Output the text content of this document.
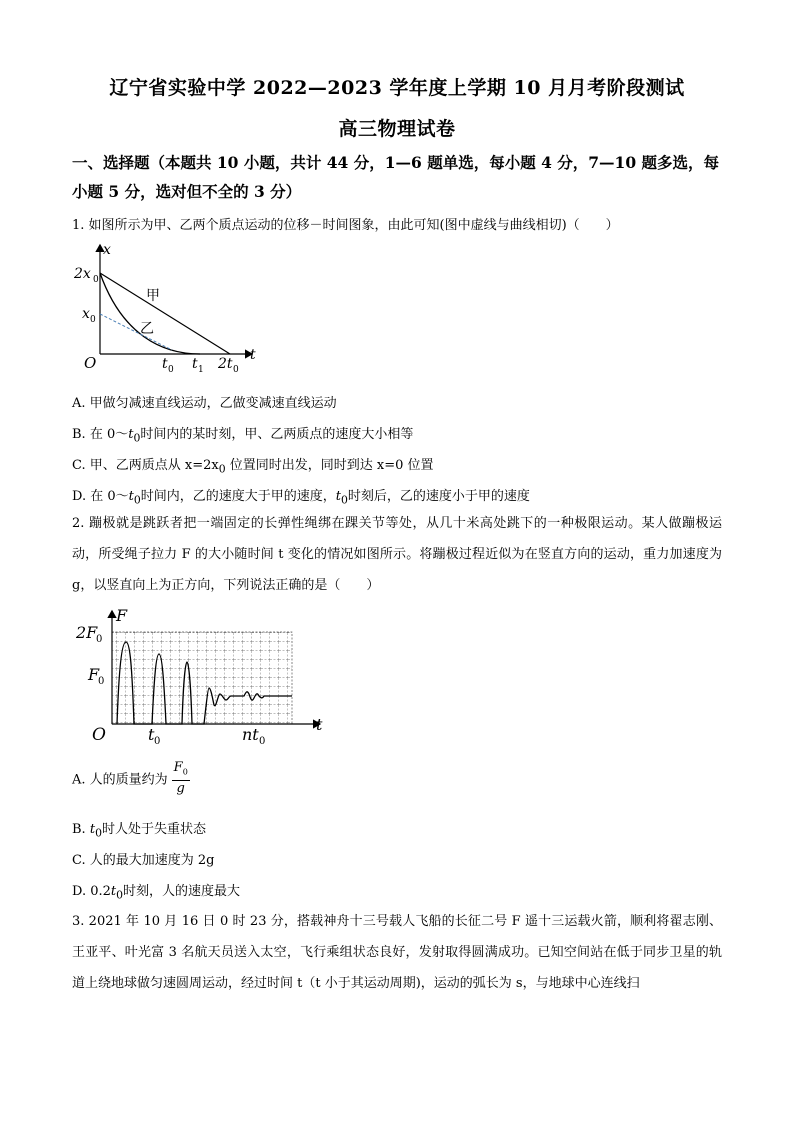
辽宁省实验中学 2022—2023 学年度上学期 10 月月考阶段测试
高三物理试卷
一、选择题（本题共 10 小题，共计 44 分，1—6 题单选，每小题 4 分，7—10 题多选，每小题 5 分，选对但不全的 3 分）
1. 如图所示为甲、乙两个质点运动的位移－时间图象，由此可知(图中虚线与曲线相切)（　　）
x
t
O
2x 0
x 0
t 0 t 1 2t 0
甲
乙
A. 甲做匀减速直线运动，乙做变减速直线运动
B. 在 $0\sim t_0$时间内的某时刻，甲、乙两质点的速度大小相等
C. 甲、乙两质点从 $x=2x_0$ 位置同时出发，同时到达 x=0 位置
D. 在 $0\sim t_0$时间内，乙的速度大于甲的速度，$t_0$时刻后，乙的速度小于甲的速度
2. 蹦极就是跳跃者把一端固定的长弹性绳绑在踝关节等处，从几十米高处跳下的一种极限运动。某人做蹦极运动，所受绳子拉力 F 的大小随时间 t 变化的情况如图所示。将蹦极过程近似为在竖直方向的运动，重力加速度为 g，以竖直向上为正方向，下列说法正确的是（　　）
F
t
O
2F
0
F
0
t 0	nt 0
A. 人的质量约为 $\frac{F_0}{g}$
B. $t_0$时人处于失重状态
C. 人的最大加速度为 2g
D. $0.2t_0$时刻，人的速度最大
3. 2021 年 10 月 16 日 0 时 23 分，搭载神舟十三号载人飞船的长征二号 F 遥十三运载火箭，顺利将翟志刚、王亚平、叶光富 3 名航天员送入太空，飞行乘组状态良好，发射取得圆满成功。已知空间站在低于同步卫星的轨道上绕地球做匀速圆周运动，经过时间 t（t 小于其运动周期)，运动的弧长为 s，与地球中心连线扫
